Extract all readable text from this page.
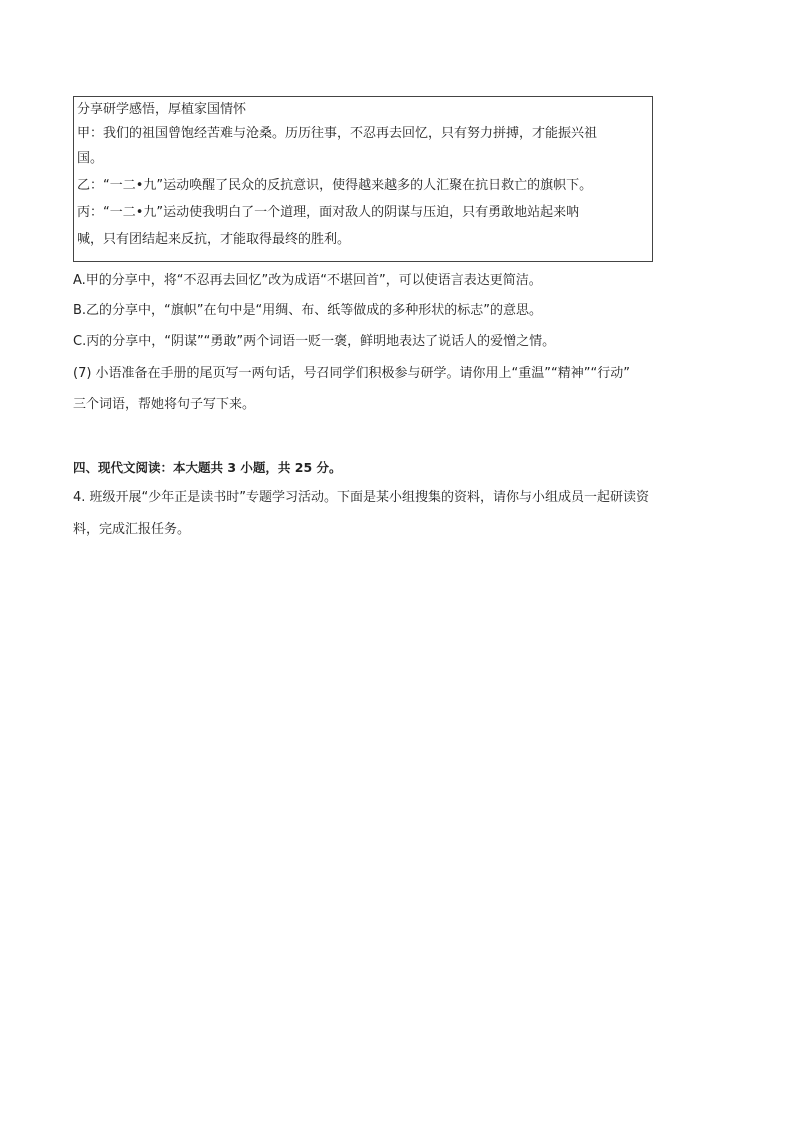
分享研学感悟，厚植家国情怀
甲：我们的祖国曾饱经苦难与沧桑。历历往事，不忍再去回忆，只有努力拼搏，才能振兴祖
国。
乙：“一二•九”运动唤醒了民众的反抗意识，使得越来越多的人汇聚在抗日救亡的旗帜下。
丙：“一二•九”运动使我明白了一个道理，面对敌人的阴谋与压迫，只有勇敢地站起来呐
喊，只有团结起来反抗，才能取得最终的胜利。
A.甲的分享中，将“不忍再去回忆”改为成语“不堪回首”，可以使语言表达更简洁。
B.乙的分享中，“旗帜”在句中是“用绸、布、纸等做成的多种形状的标志”的意思。
C.丙的分享中，“阴谋”“勇敢”两个词语一贬一褒，鲜明地表达了说话人的爱憎之情。
(7) 小语准备在手册的尾页写一两句话，号召同学们积极参与研学。请你用上“重温”“精神”“行动”
三个词语，帮她将句子写下来。
四、现代文阅读：本大题共 3 小题，共 25 分。
4. 班级开展“少年正是读书时”专题学习活动。下面是某小组搜集的资料，请你与小组成员一起研读资
料，完成汇报任务。
